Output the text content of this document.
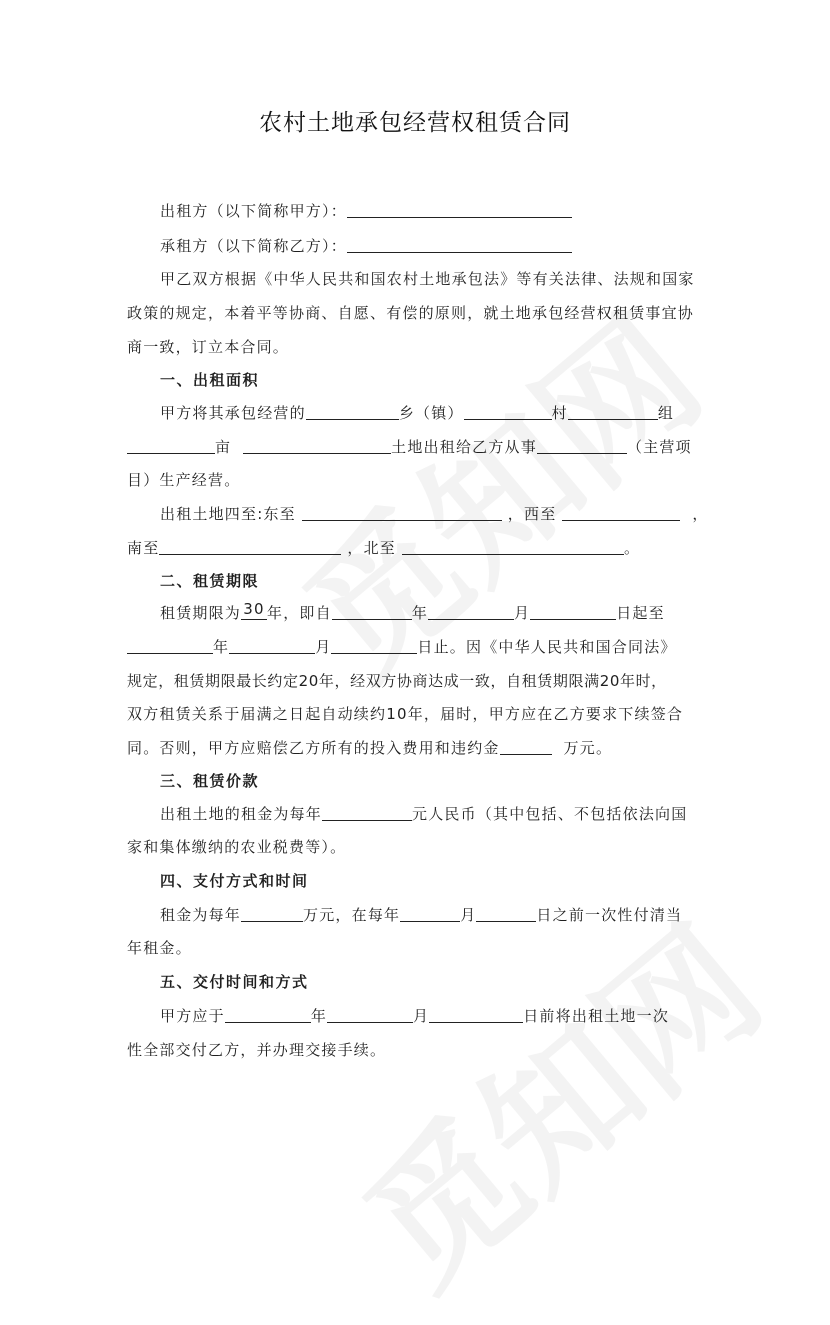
农村土地承包经营权租赁合同
出租方（以下简称甲方）：
承租方（以下简称乙方）：
甲乙双方根据《中华人民共和国农村土地承包法》等有关法律、法规和国家
政策的规定，本着平等协商、自愿、有偿的原则，就土地承包经营权租赁事宜协
商一致，订立本合同。
一、出租面积
甲方将其承包经营的	乡（镇）	村	组
亩	土地出租给乙方从事	（主营项
目）生产经营。
出租土地四至:东至	，西至	，
南至	，北至	。
二、租赁期限
租赁期限为 30 年，即自	年	月	日起至
年	月	日止。因《中华人民共和国合同法》
规定，租赁期限最长约定20年，经双方协商达成一致，自租赁期限满20年时，
双方租赁关系于届满之日起自动续约10年，届时，甲方应在乙方要求下续签合
同。否则，甲方应赔偿乙方所有的投入费用和违约金	万元。
三、租赁价款
出租土地的租金为每年	元人民币（其中包括、不包括依法向国
家和集体缴纳的农业税费等）。
四、支付方式和时间
租金为每年	万元，在每年	月	日之前一次性付清当
年租金。
五、交付时间和方式
甲方应于	年	月	日前将出租土地一次
性全部交付乙方，并办理交接手续。
